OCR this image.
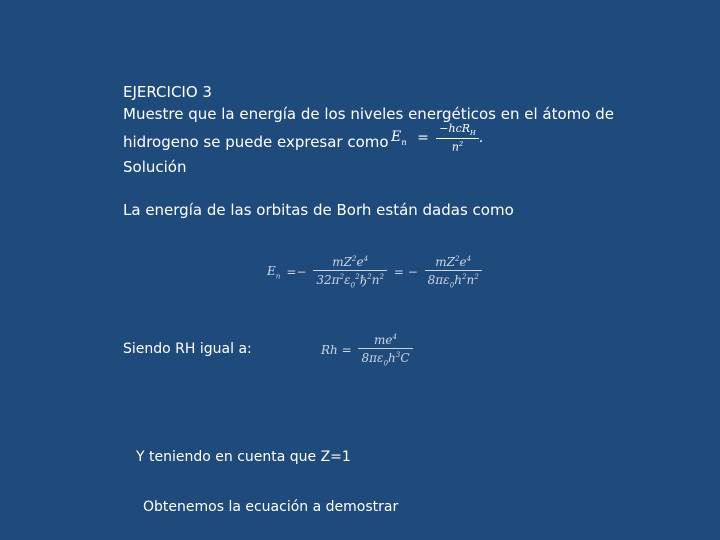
EJERCICIO 3
Muestre que la energía de los niveles energéticos en el átomo de
hidrogeno se puede expresar como $E_n = \frac{-hcR_H}{n^2}$ .
Solución
La energía de las orbitas de Borh están dadas como
$E_n =- \frac{mZ^2e^4}{32\pi^2\varepsilon_0^2ђ^2n^2}$ = − $\frac{mZ^2e^4}{8\pi\varepsilon_0h^2n^2}$
Siendo RH igual a:	$Rh = \frac{me^4}{8\pi\varepsilon_0h^3C}$
Y teniendo en cuenta que Z=1
Obtenemos la ecuación a demostrar
